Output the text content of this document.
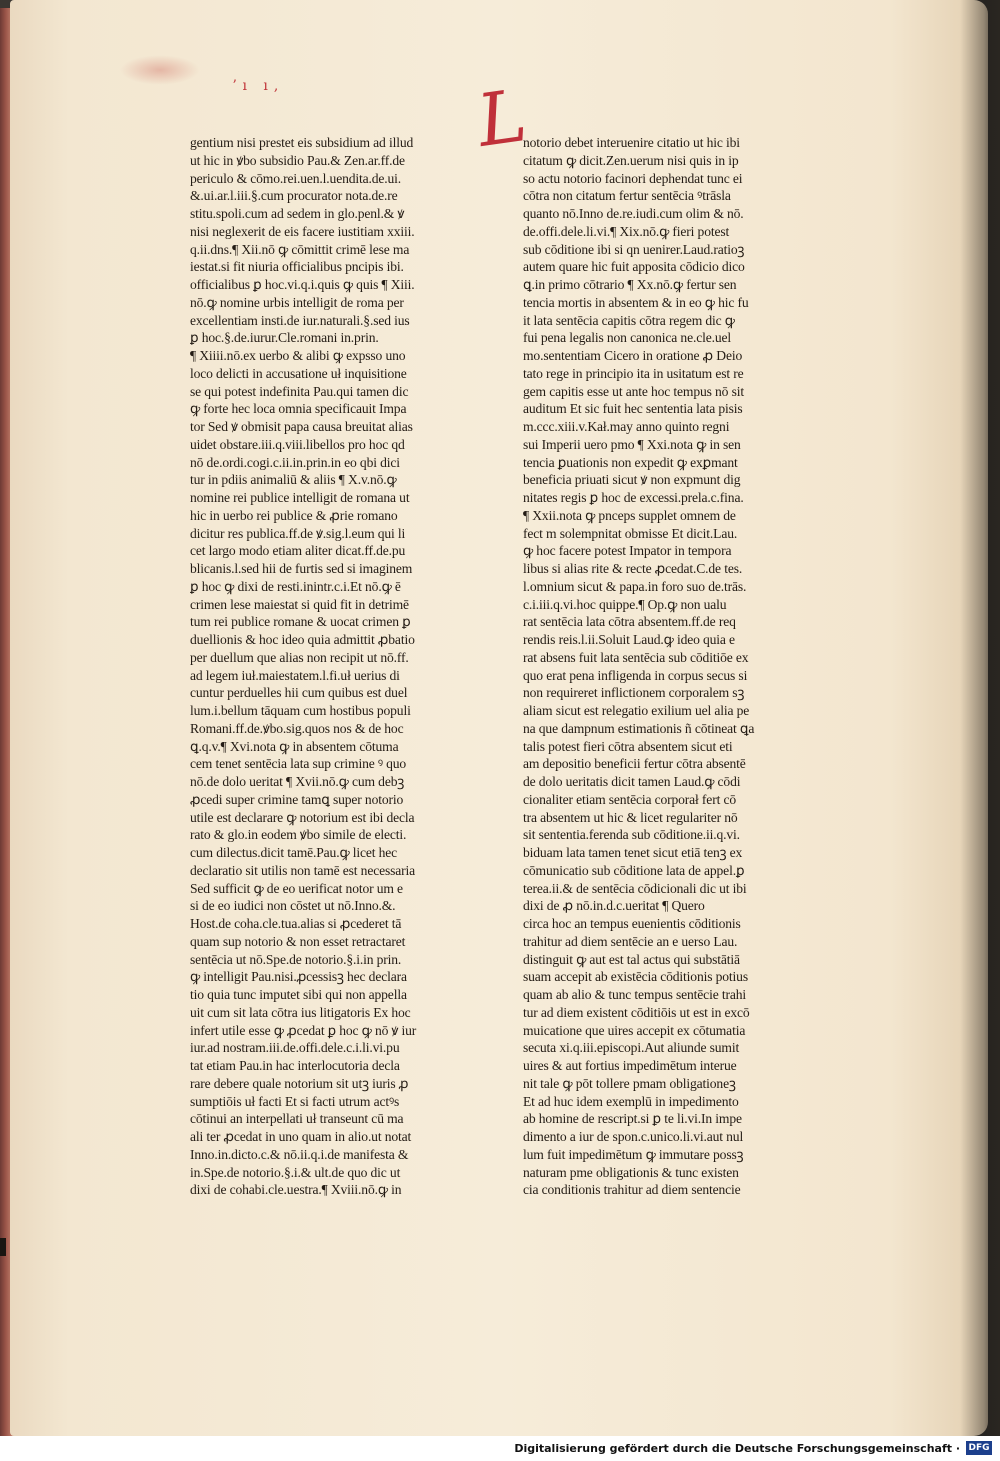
ʼı ı,	L
gentium nisi prestet eis subsidium ad illud
ut hic in ꝟbo subsidio Pau.& Zen.ar.ff.de
periculo & cōmo.rei.uen.l.uendita.de.ui.
&.ui.ar.l.iii.§.cum procurator nota.de.re
stitu.spoli.cum ad sedem in glo.penl.& ꝟ
nisi neglexerit de eis facere iustitiam xxiii.
q.ii.dns.¶ Xii.nō ꝙ cōmittit crimē lese ma
iestat.si fit niuria officialibus pncipis ibi.
officialibus ꝑ hoc.vi.q.i.quis ꝙ quis ¶ Xiii.
nō.ꝙ nomine urbis intelligit de roma per
excellentiam insti.de iur.naturali.§.sed ius
ꝑ hoc.§.de.iurur.Cle.romani in.prin.
¶ Xiiii.nō.ex uerbo & alibi ꝙ expsso uno
loco delicti in accusatione uł inquisitione
se qui potest indefinita Pau.qui tamen dic
ꝙ forte hec loca omnia specificauit Impa
tor Sed ꝟ obmisit papa causa breuitat alias
uidet obstare.iii.q.viii.libellos pro hoc qd
nō de.ordi.cogi.c.ii.in.prin.in eo qbi dici
tur in pdiis animaliū & aliis ¶ X.v.nō.ꝙ
nomine rei publice intelligit de romana ut
hic in uerbo rei publice & ꝓrie romano
dicitur res publica.ff.de ꝟ.sig.l.eum qui li
cet largo modo etiam aliter dicat.ff.de.pu
blicanis.l.sed hii de furtis sed si imaginem
ꝑ hoc ꝙ dixi de resti.inintr.c.i.Et nō.ꝙ ē
crimen lese maiestat si quid fit in detrimē
tum rei publice romane & uocat crimen ꝑ
duellionis & hoc ideo quia admittit ꝓbatio
per duellum que alias non recipit ut nō.ff.
ad legem iuł.maiestatem.l.fi.uł uerius di
cuntur perduelles hii cum quibus est duel
lum.i.bellum tāquam cum hostibus populi
Romani.ff.de.ꝟbo.sig.quos nos & de hoc
ꝗ.q.v.¶ Xvi.nota ꝙ in absentem cōtuma
cem tenet sentēcia lata sup crimine ꝰ quo
nō.de dolo ueritat ¶ Xvii.nō.ꝙ cum debꝫ
ꝓcedi super crimine tamꝗ super notorio
utile est declarare ꝙ notorium est ibi decla
rato & glo.in eodem ꝟbo simile de electi.
cum dilectus.dicit tamē.Pau.ꝙ licet hec
declaratio sit utilis non tamē est necessaria
Sed sufficit ꝙ de eo uerificat notor um e
si de eo iudici non cōstet ut nō.Inno.&.
Host.de coha.cle.tua.alias si ꝓcederet tā
quam sup notorio & non esset retractaret
sentēcia ut nō.Spe.de notorio.§.i.in prin.
ꝙ intelligit Pau.nisi.ꝓcessisꝫ hec declara
tio quia tunc imputet sibi qui non appella
uit cum sit lata cōtra ius litigatoris Ex hoc
infert utile esse ꝙ ꝓcedat ꝑ hoc ꝙ nō ꝟ iur
iur.ad nostram.iii.de.offi.dele.c.i.li.vi.pu
tat etiam Pau.in hac interlocutoria decla
rare debere quale notorium sit utꝫ iuris ꝓ
sumptiōis uł facti Et si facti utrum actꝰs
cōtinui an interpellati uł transeunt cū ma
ali ter ꝓcedat in uno quam in alio.ut notat
Inno.in.dicto.c.& nō.ii.q.i.de manifesta &
in.Spe.de notorio.§.i.& ult.de quo dic ut
dixi de cohabi.cle.uestra.¶ Xviii.nō.ꝙ in
notorio debet interuenire citatio ut hic ibi
citatum ꝙ dicit.Zen.uerum nisi quis in ip
so actu notorio facinori dephendat tunc ei
cōtra non citatum fertur sentēcia ꝰtrāsla
quanto nō.Inno de.re.iudi.cum olim & nō.
de.offi.dele.li.vi.¶ Xix.nō.ꝙ fieri potest
sub cōditione ibi si qn uenirer.Laud.ratioꝫ
autem quare hic fuit apposita cōdicio dico
ꝗ.in primo cōtrario ¶ Xx.nō.ꝙ fertur sen
tencia mortis in absentem & in eo ꝙ hic fu
it lata sentēcia capitis cōtra regem dic ꝙ
fui pena legalis non canonica ne.cle.uel
mo.sententiam Cicero in oratione ꝓ Deio
tato rege in principio ita in usitatum est re
gem capitis esse ut ante hoc tempus nō sit
auditum Et sic fuit hec sententia lata pisis
m.ccc.xiii.v.Kał.may anno quinto regni
sui Imperii uero pmo ¶ Xxi.nota ꝙ in sen
tencia ꝑuationis non expedit ꝙ exꝑmant
beneficia priuati sicut ꝟ non expmunt dig
nitates regis ꝑ hoc de excessi.prela.c.fina.
¶ Xxii.nota ꝙ pnceps supplet omnem de
fect m solempnitat obmisse Et dicit.Lau.
ꝙ hoc facere potest Impator in tempora
libus si alias rite & recte ꝓcedat.C.de tes.
l.omnium sicut & papa.in foro suo de.trās.
c.i.iii.q.vi.hoc quippe.¶ Op.ꝙ non ualu
rat sentēcia lata cōtra absentem.ff.de req
rendis reis.l.ii.Soluit Laud.ꝙ ideo quia e
rat absens fuit lata sentēcia sub cōditiōe ex
quo erat pena infligenda in corpus secus si
non requireret inflictionem corporalem sꝫ
aliam sicut est relegatio exilium uel alia pe
na que dampnum estimationis ñ cōtineat ꝗa
talis potest fieri cōtra absentem sicut eti
am depositio beneficii fertur cōtra absentē
de dolo ueritatis dicit tamen Laud.ꝙ cōdi
cionaliter etiam sentēcia corporał fert cō
tra absentem ut hic & licet regulariter nō
sit sententia.ferenda sub cōditione.ii.q.vi.
biduam lata tamen tenet sicut etiā tenꝫ ex
cōmunicatio sub cōditione lata de appel.ꝑ
terea.ii.& de sentēcia cōdicionali dic ut ibi
dixi de ꝓ nō.in.d.c.ueritat ¶ Quero
circa hoc an tempus euenientis cōditionis
trahitur ad diem sentēcie an e uerso Lau.
distinguit ꝙ aut est tal actus qui substātiā
suam accepit ab existēcia cōditionis potius
quam ab alio & tunc tempus sentēcie trahi
tur ad diem existent cōditiōis ut est in excō
muicatione que uires accepit ex cōtumatia
secuta xi.q.iii.episcopi.Aut aliunde sumit
uires & aut fortius impedimētum interue
nit tale ꝙ pōt tollere pmam obligationeꝫ
Et ad huc idem exemplū in impedimento
ab homine de rescript.si ꝑ te li.vi.In impe
dimento a iur de spon.c.unico.li.vi.aut nul
lum fuit impedimētum ꝙ immutare possꝫ
naturam pme obligationis & tunc existen
cia conditionis trahitur ad diem sentencie
Digitalisierung gefördert durch die Deutsche Forschungsgemeinschaft · DFG
